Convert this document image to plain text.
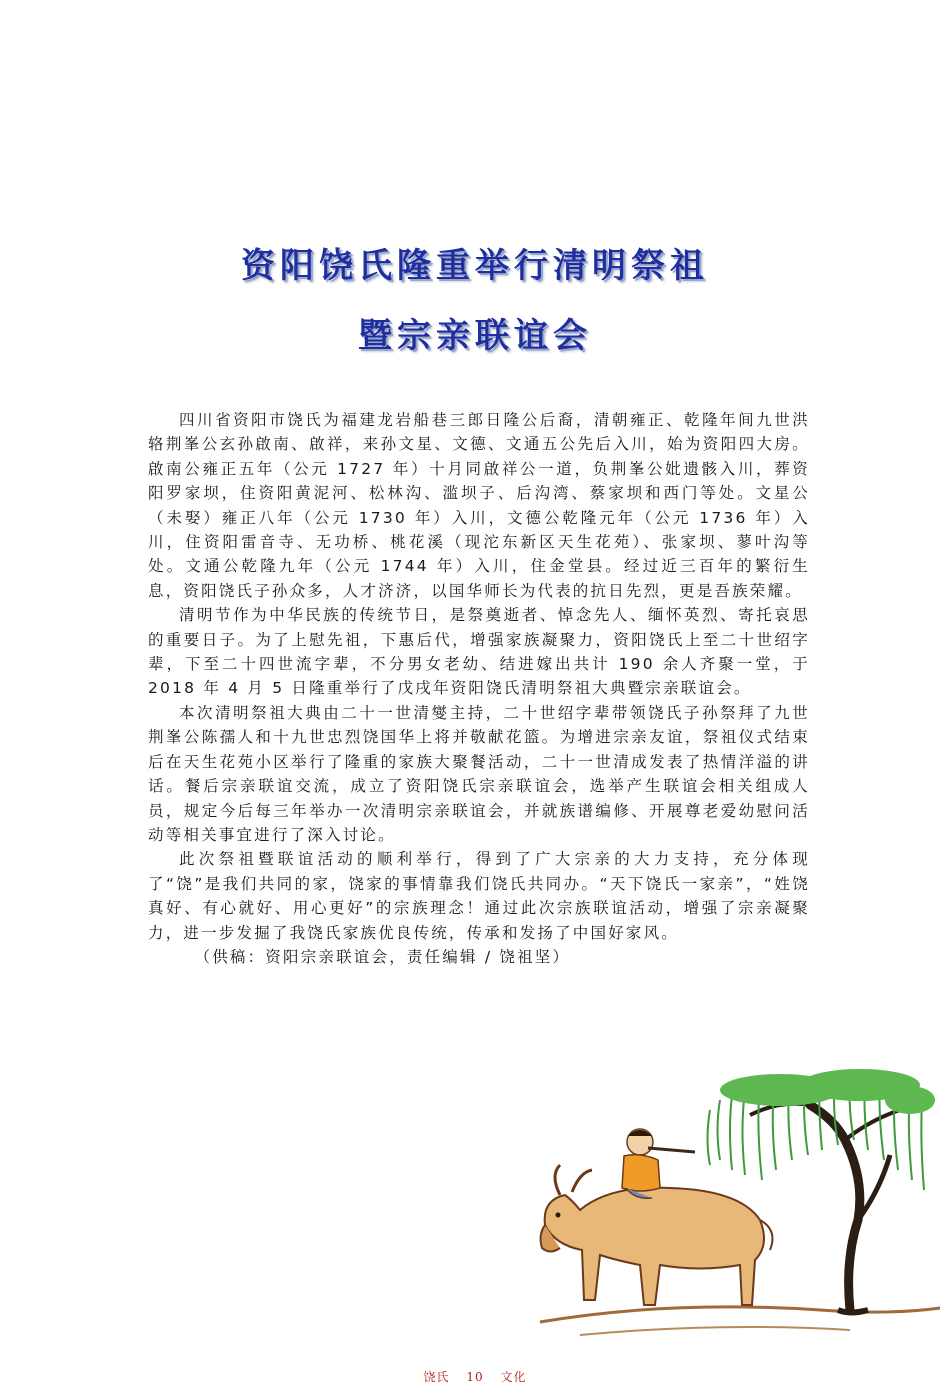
资阳饶氏隆重举行清明祭祖
暨宗亲联谊会

四川省资阳市饶氏为福建龙岩船巷三郎日隆公后裔，清朝雍正、乾隆年间九世洪辂荆峯公玄孙啟南、啟祥，来孙文星、文德、文通五公先后入川，始为资阳四大房。啟南公雍正五年（公元 1727 年）十月同啟祥公一道，负荆峯公妣遗骸入川，葬资阳罗家坝，住资阳黄泥河、松林沟、滥坝子、后沟湾、蔡家坝和西门等处。文星公（未娶）雍正八年（公元 1730 年）入川，文德公乾隆元年（公元 1736 年）入川，住资阳雷音寺、无功桥、桃花溪（现沱东新区天生花苑）、张家坝、蓼叶沟等处。文通公乾隆九年（公元 1744 年）入川，住金堂县。经过近三百年的繁衍生息，资阳饶氏子孙众多，人才济济，以国华师长为代表的抗日先烈，更是吾族荣耀。

清明节作为中华民族的传统节日，是祭奠逝者、悼念先人、缅怀英烈、寄托哀思的重要日子。为了上慰先祖，下惠后代，增强家族凝聚力，资阳饶氏上至二十世绍字辈，下至二十四世流字辈，不分男女老幼、结进嫁出共计 190 余人齐聚一堂，于 2018 年 4 月 5 日隆重举行了戊戌年资阳饶氏清明祭祖大典暨宗亲联谊会。

本次清明祭祖大典由二十一世清燮主持，二十世绍字辈带领饶氏子孙祭拜了九世荆峯公陈孺人和十九世忠烈饶国华上将并敬献花篮。为增进宗亲友谊，祭祖仪式结束后在天生花苑小区举行了隆重的家族大聚餐活动，二十一世清成发表了热情洋溢的讲话。餐后宗亲联谊交流，成立了资阳饶氏宗亲联谊会，选举产生联谊会相关组成人员，规定今后每三年举办一次清明宗亲联谊会，并就族谱编修、开展尊老爱幼慰问活动等相关事宜进行了深入讨论。

此次祭祖暨联谊活动的顺利举行，得到了广大宗亲的大力支持，充分体现了“饶”是我们共同的家，饶家的事情靠我们饶氏共同办。“天下饶氏一家亲”，“姓饶真好、有心就好、用心更好”的宗族理念！通过此次宗族联谊活动，增强了宗亲凝聚力，进一步发掘了我饶氏家族优良传统，传承和发扬了中国好家风。

（供稿：资阳宗亲联谊会，责任编辑 / 饶祖坚）

饶氏 10 文化
